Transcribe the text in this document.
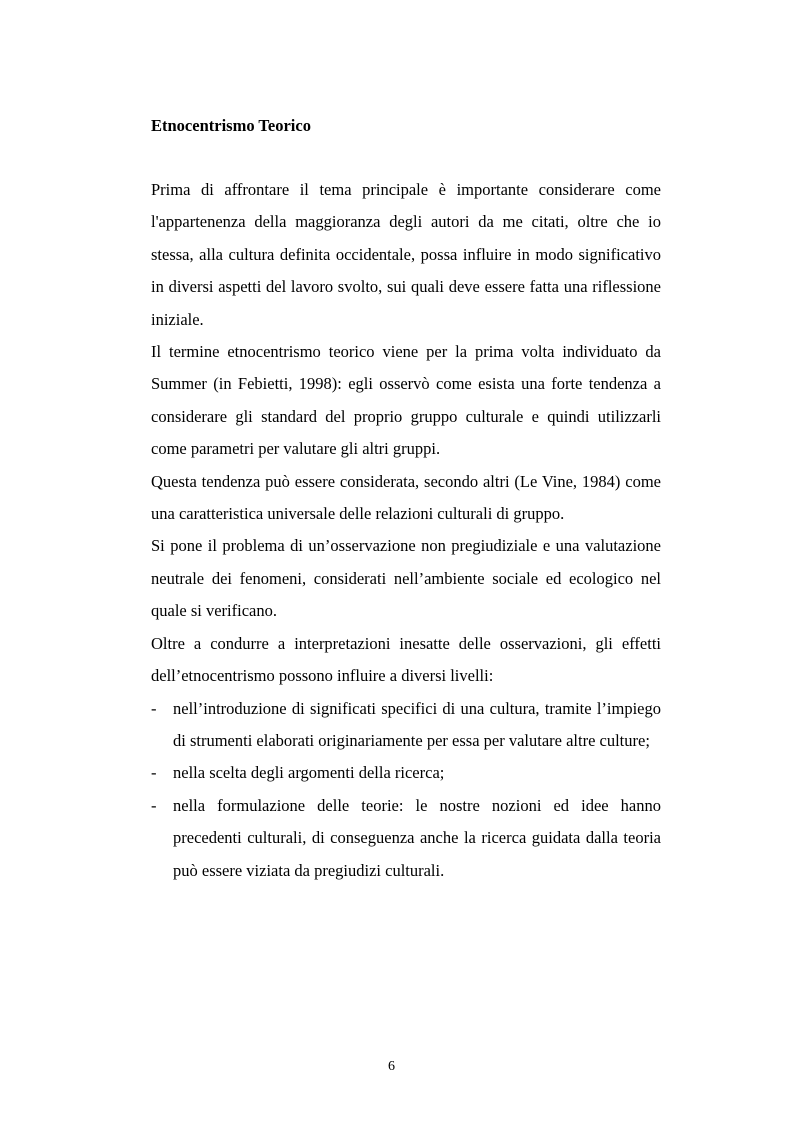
Etnocentrismo Teorico

Prima di affrontare il tema principale è importante considerare come l'appartenenza della maggioranza degli autori da me citati, oltre che io stessa, alla cultura definita occidentale, possa influire in modo significativo in diversi aspetti del lavoro svolto, sui quali deve essere fatta una riflessione iniziale.

Il termine etnocentrismo teorico viene per la prima volta individuato da Summer (in Febietti, 1998): egli osservò come esista una forte tendenza a considerare gli standard del proprio gruppo culturale e quindi utilizzarli come parametri per valutare gli altri gruppi.

Questa tendenza può essere considerata, secondo altri (Le Vine, 1984) come una caratteristica universale delle relazioni culturali di gruppo.

Si pone il problema di un’osservazione non pregiudiziale e una valutazione neutrale dei fenomeni, considerati nell’ambiente sociale ed ecologico nel quale si verificano.

Oltre a condurre a interpretazioni inesatte delle osservazioni, gli effetti dell’etnocentrismo possono influire a diversi livelli:

- nell’introduzione di significati specifici di una cultura, tramite l’impiego di strumenti elaborati originariamente per essa per valutare altre culture;
- nella scelta degli argomenti della ricerca;
- nella formulazione delle teorie: le nostre nozioni ed idee hanno precedenti culturali, di conseguenza anche la ricerca guidata dalla teoria può essere viziata da pregiudizi culturali.
6
